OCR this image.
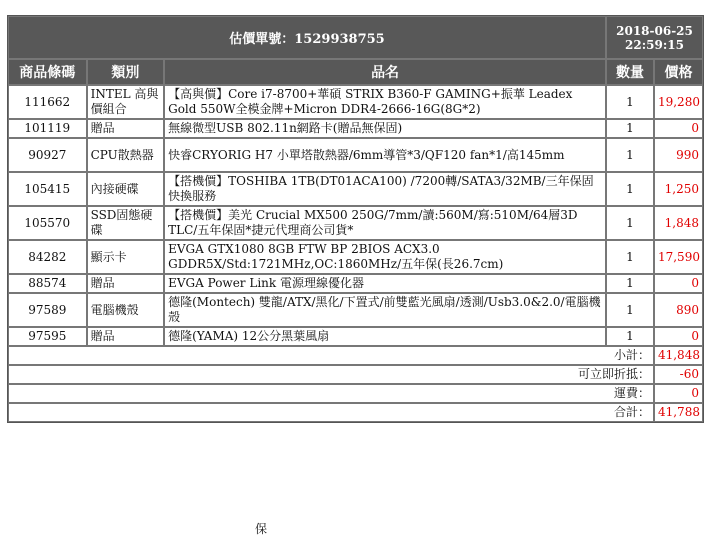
估價單號：1529938755			2018-06-25
22:59:15	
商品條碼	類別	品名	數量	價格
111662	INTEL 高與價組合	【高與價】Core i7-8700+華碩 STRIX B360-F GAMING+振華 Leadex Gold 550W全模金牌+Micron DDR4-2666-16G(8G*2)	1	19,280
101119	贈品	無線微型USB 802.11n網路卡(贈品無保固)	1	0
90927	CPU散熱器	快睿CRYORIG H7 小單塔散熱器/6mm導管*3/QF120 fan*1/高145mm	1	990
105415	內接硬碟	【搭機價】TOSHIBA 1TB(DT01ACA100) /7200轉/SATA3/32MB/三年保固快換服務	1	1,250
105570	SSD固態硬碟	【搭機價】美光 Crucial MX500 250G/7mm/讀:560M/寫:510M/64層3D TLC/五年保固*捷元代理商公司貨*	1	1,848
84282	顯示卡	EVGA GTX1080 8GB FTW BP 2BIOS ACX3.0 GDDR5X/Std:1721MHz,OC:1860MHz/五年保(長26.7cm)	1	17,590
88574	贈品	EVGA Power Link 電源理線優化器	1	0
97589	電腦機殼	德隆(Montech) 雙龍/ATX/黑化/下置式/前雙藍光風扇/透測/Usb3.0&2.0/電腦機殼	1	890
97595	贈品	德隆(YAMA) 12公分黑葉風扇	1	0
小計：				41,848
可立即折抵：				-60
運費：				0
合計：				41,788
保
